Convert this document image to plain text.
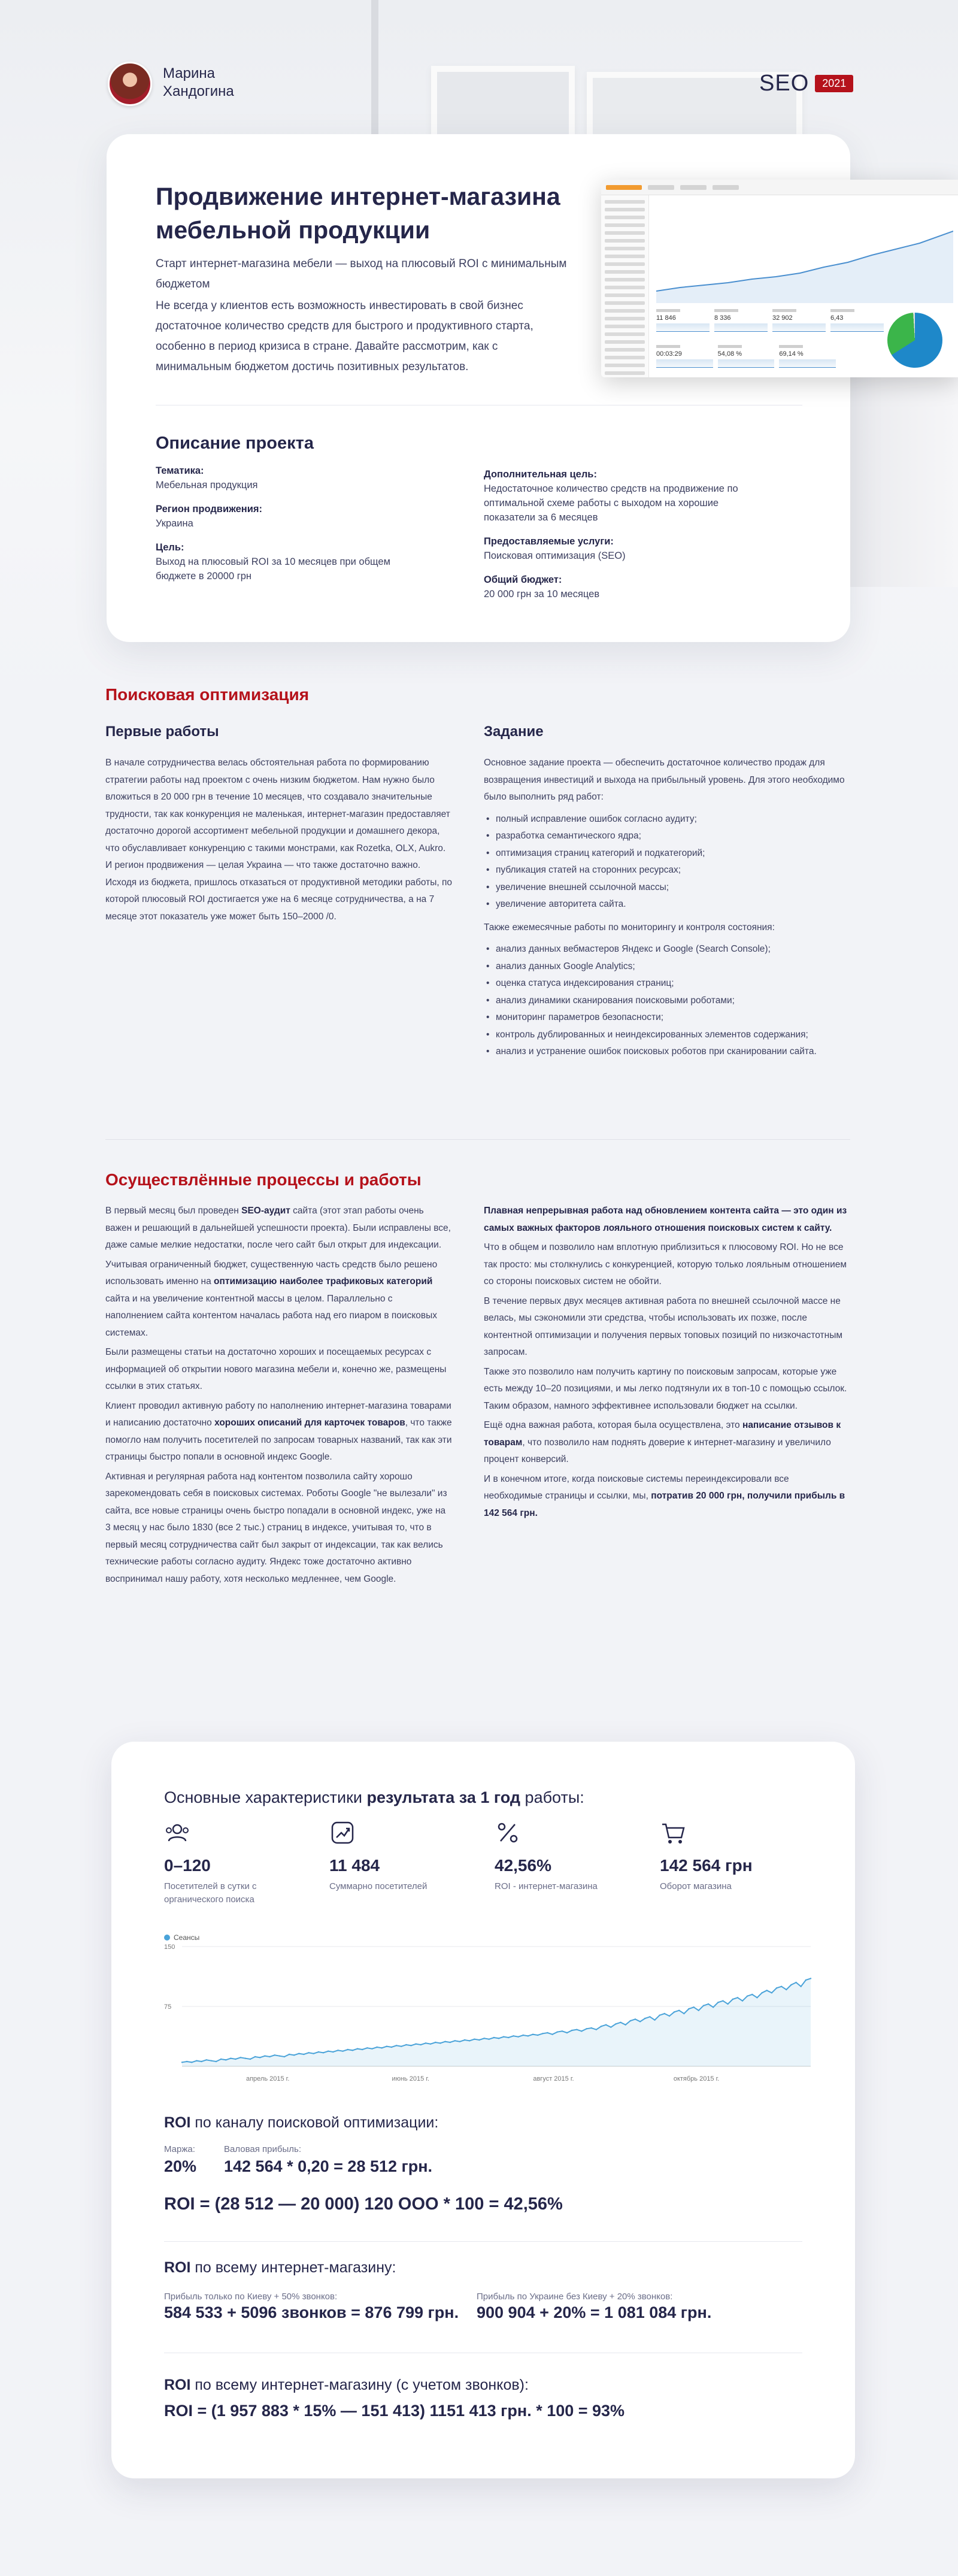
Марина
Хандогина	SEO	2021
Продвижение интернет-магазина мебельной продукции

Старт интернет-магазина мебели — выход на плюсовый ROI с минимальным бюджетом

Не всегда у клиентов есть возможность инвестировать в свой бизнес достаточное количество средств для быстрого и продуктивного старта, особенно в период кризиса в стране. Давайте рассмотрим, как с минимальным бюджетом достичь позитивных результатов.

Описание проекта
Тематика:
Мебельная продукция
Регион продвижения:
Украина
Цель:
Выход на плюсовый ROI за 10 месяцев при общем бюджете в 20000 грн
Дополнительная цель:
Недостаточное количество средств на продвижение по оптимальной схеме работы с выходом на хорошие показатели за 6 месяцев
Предоставляемые услуги:
Поисковая оптимизация (SEO)
Общий бюджет:
20 000 грн за 10 месяцев
11 846	8 336	32 902	6,43
00:03:29	54,08 %	69,14 %
Поисковая оптимизация
Первые работы
В начале сотрудничества велась обстоятельная работа по формированию стратегии работы над проектом с очень низким бюджетом. Нам нужно было вложиться в 20 000 грн в течение 10 месяцев, что создавало значительные трудности, так как конкуренция не маленькая, интернет-магазин предоставляет достаточно дорогой ассортимент мебельной продукции и домашнего декора, что обуславливает конкуренцию с такими монстрами, как Rozetka, OLX, Aukro. И регион продвижения — целая Украина — что также достаточно важно. Исходя из бюджета, пришлось отказаться от продуктивной методики работы, по которой плюсовый ROI достигается уже на 6 месяце сотрудничества, а на 7 месяце этот показатель уже может быть 150–2000 /0.
Задание

Основное задание проекта — обеспечить достаточное количество продаж для возвращения инвестиций и выхода на прибыльный уровень. Для этого необходимо было выполнить ряд работ:

• полный исправление ошибок согласно аудиту;
• разработка семантического ядра;
• оптимизация страниц категорий и подкатегорий;
• публикация статей на сторонних ресурсах;
• увеличение внешней ссылочной массы;
• увеличение авторитета сайта.

Также ежемесячные работы по мониторингу и контроля состояния:

• анализ данных вебмастеров Яндекс и Google (Search Console);
• анализ данных Google Analytics;
• оценка статуса индексирования страниц;
• анализ динамики сканирования поисковыми роботами;
• мониторинг параметров безопасности;
• контроль дублированных и неиндексированных элементов содержания;
• анализ и устранение ошибок поисковых роботов при сканировании сайта.
Осуществлённые процессы и работы

В первый месяц был проведен SEO-аудит сайта (этот этап работы очень важен и решающий в дальнейшей успешности проекта). Были исправлены все, даже самые мелкие недостатки, после чего сайт был открыт для индексации.

Учитывая ограниченный бюджет, существенную часть средств было решено использовать именно на оптимизацию наиболее трафиковых категорий сайта и на увеличение контентной массы в целом. Параллельно с наполнением сайта контентом началась работа над его пиаром в поисковых системах.

Были размещены статьи на достаточно хороших и посещаемых ресурсах с информацией об открытии нового магазина мебели и, конечно же, размещены ссылки в этих статьях.

Клиент проводил активную работу по наполнению интернет-магазина товарами и написанию достаточно хороших описаний для карточек товаров, что также помогло нам получить посетителей по запросам товарных названий, так как эти страницы быстро попали в основной индекс Google.

Активная и регулярная работа над контентом позволила сайту хорошо зарекомендовать себя в поисковых системах. Роботы Google "не вылезали" из сайта, все новые страницы очень быстро попадали в основной индекс, уже на 3 месяц у нас было 1830 (все 2 тыс.) страниц в индексе, учитывая то, что в первый месяц сотрудничества сайт был закрыт от индексации, так как велись технические работы согласно аудиту. Яндекс тоже достаточно активно воспринимал нашу работу, хотя несколько медленнее, чем Google.

Плавная непрерывная работа над обновлением контента сайта — это один из самых важных факторов лояльного отношения поисковых систем к сайту.

Что в общем и позволило нам вплотную приблизиться к плюсовому ROI. Но не все так просто: мы столкнулись с конкуренцией, которую только лояльным отношением со стороны поисковых систем не обойти.

В течение первых двух месяцев активная работа по внешней ссылочной массе не велась, мы сэкономили эти средства, чтобы использовать их позже, после контентной оптимизации и получения первых топовых позиций по низкочастотным запросам.

Также это позволило нам получить картину по поисковым запросам, которые уже есть между 10–20 позициями, и мы легко подтянули их в топ-10 с помощью ссылок. Таким образом, намного эффективнее использовали бюджет на ссылки.

Ещё одна важная работа, которая была осуществлена, это написание отзывов к товарам, что позволило нам поднять доверие к интернет-магазину и увеличило процент конверсий.

И в конечном итоге, когда поисковые системы переиндексировали все необходимые страницы и ссылки, мы, потратив 20 000 грн, получили прибыль в 142 564 грн.

Основные характеристики результата за 1 год работы:
0–120
Посетителей в сутки с органического поиска
11 484
Суммарно посетителей
42,56%
ROI - интернет-магазина
142 564 грн
Оборот магазина
Сеансы
150
75
апрель 2015 г.	июнь 2015 г.	август 2015 г.	октябрь 2015 г.
ROI по каналу поисковой оптимизации:
Маржа:
20%
Валовая прибыль:
142 564 * 0,20 = 28 512 грн.
ROI = (28 512 — 20 000) 120 OOO * 100 = 42,56%
ROI по всему интернет-магазину:
Прибыль только по Киеву + 50% звонков:
584 533 + 5096 звонков = 876 799 грн.
Прибыль по Украине без Киеву + 20% звонков:
900 904 + 20% = 1 081 084 грн.
ROI по всему интернет-магазину (с учетом звонков):
ROI = (1 957 883 * 15% — 151 413) 1151 413 грн. * 100 = 93%
